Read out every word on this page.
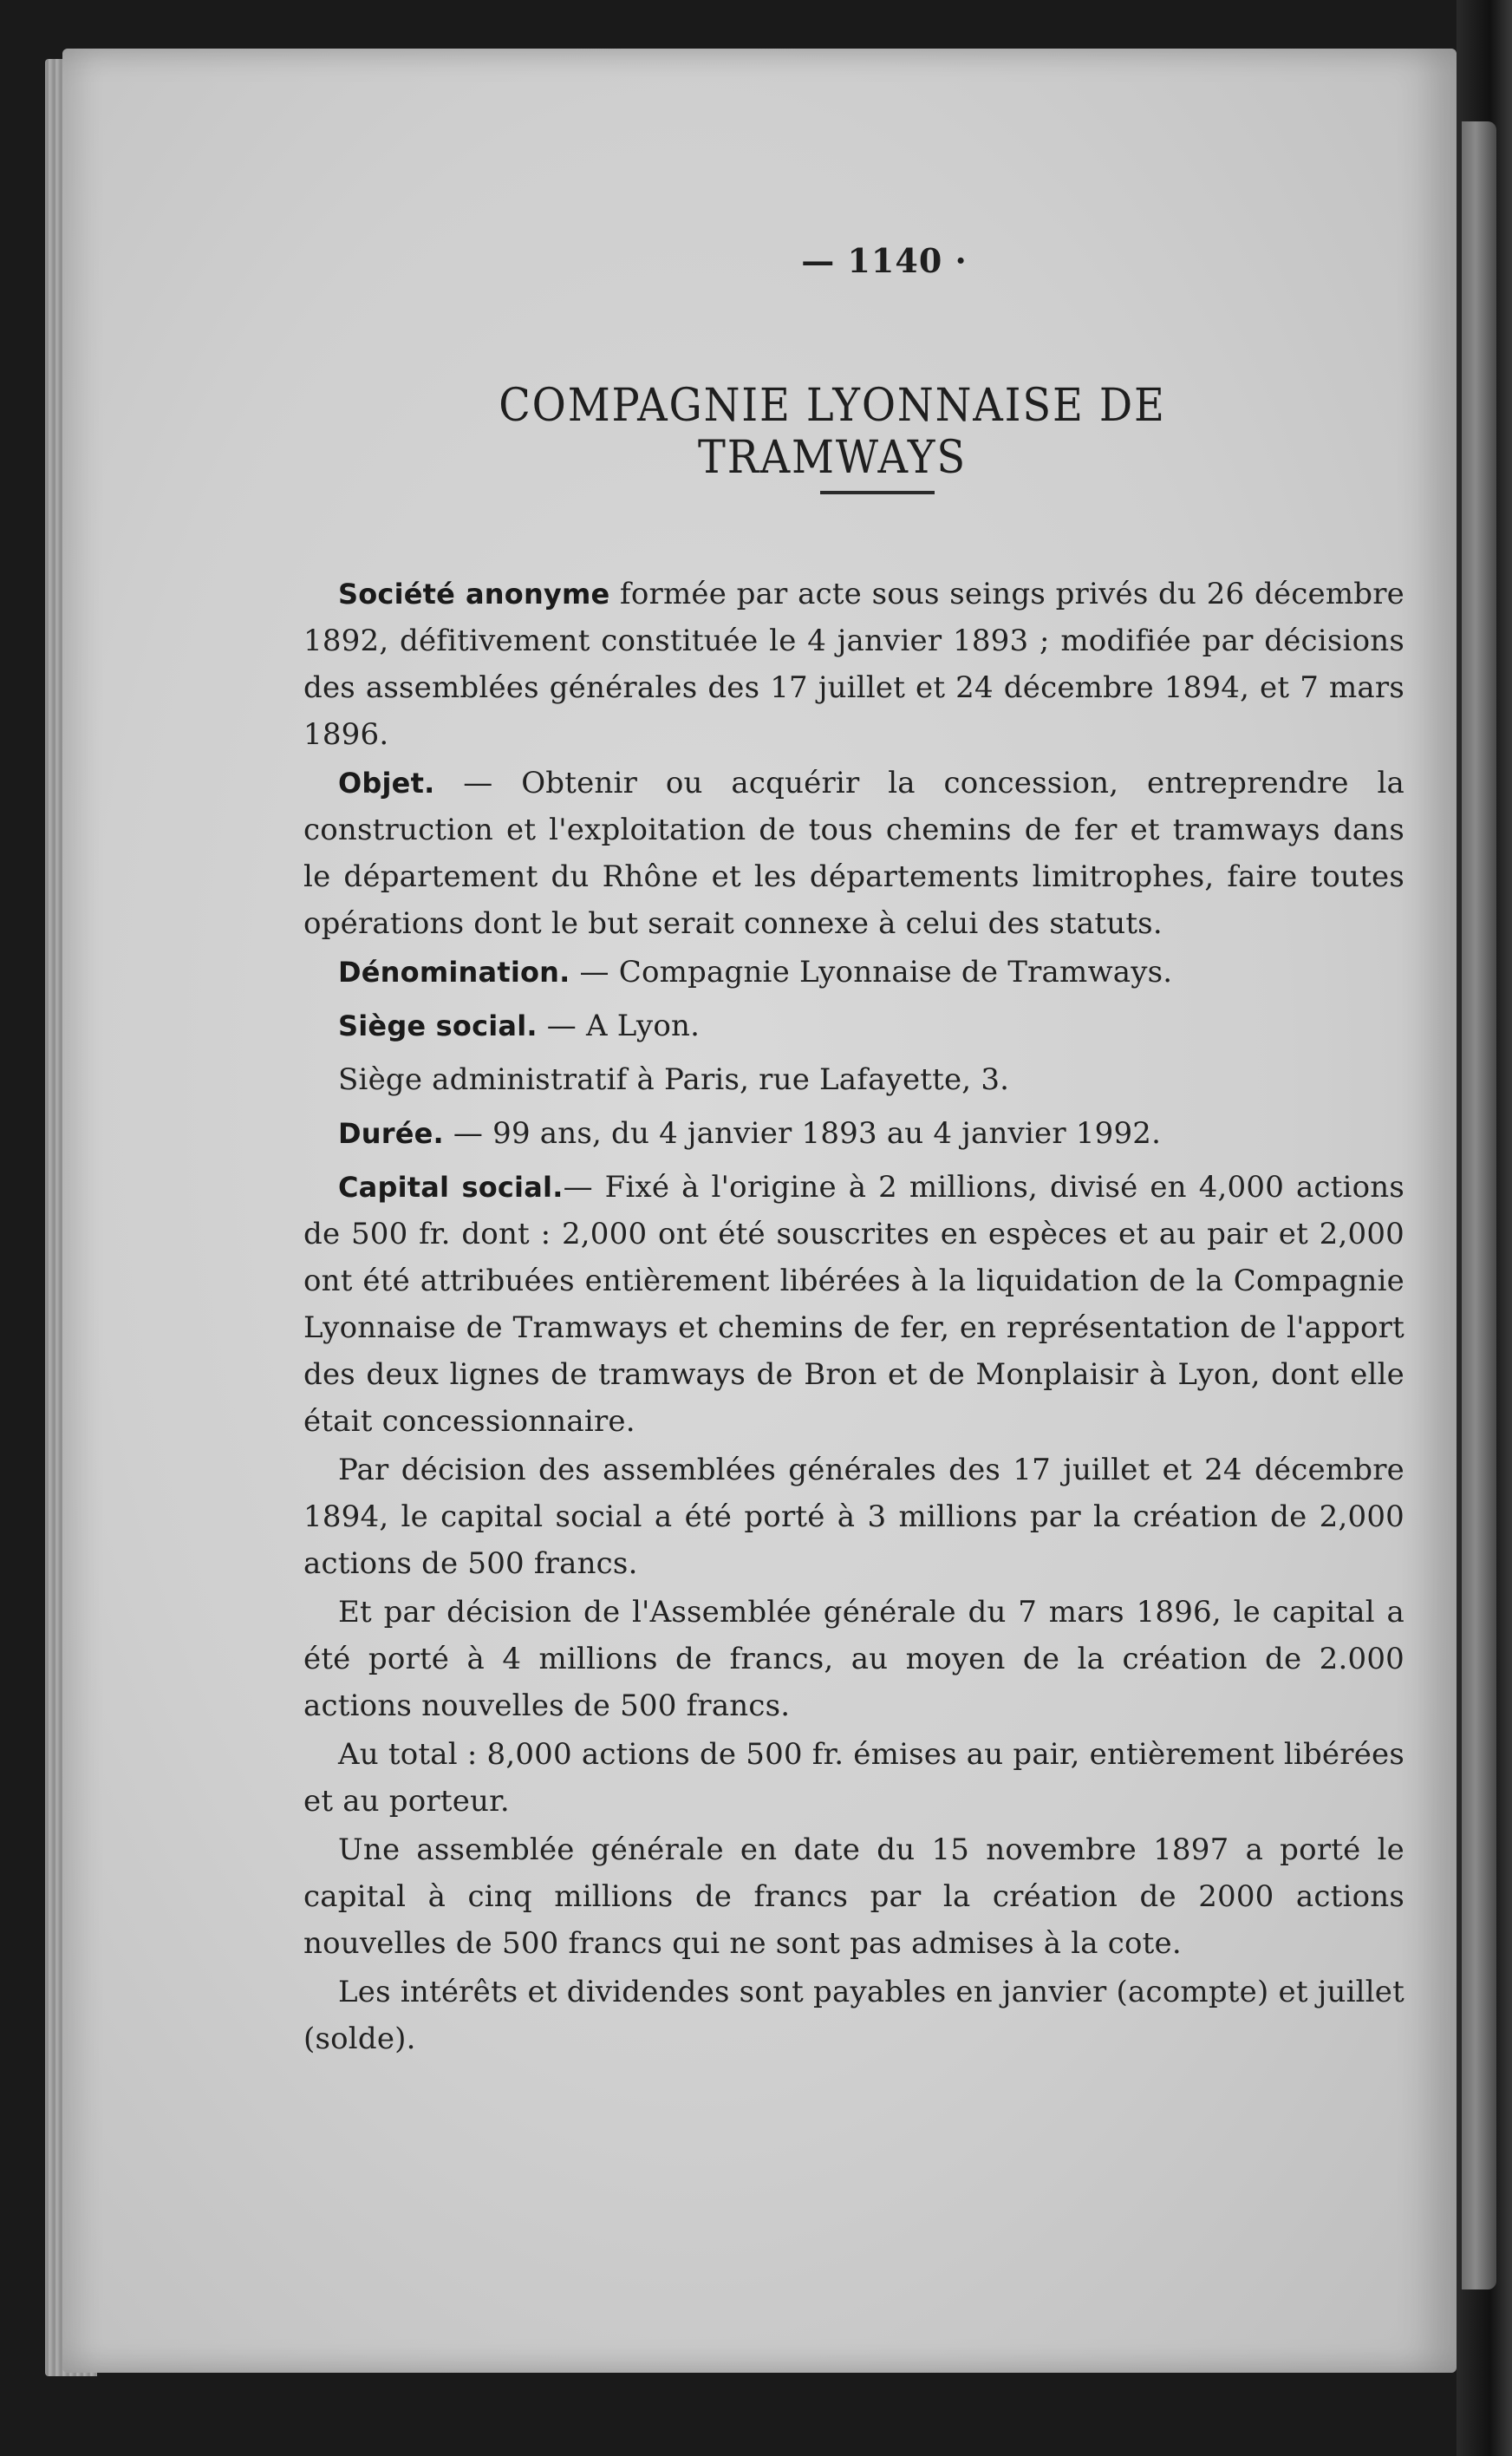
— 1140 ·
COMPAGNIE LYONNAISE DE TRAMWAYS

Société anonyme formée par acte sous seings privés du 26 décembre 1892, défitivement constituée le 4 janvier 1893 ; modifiée par décisions des assemblées générales des 17 juillet et 24 décembre 1894, et 7 mars 1896.

Objet. — Obtenir ou acquérir la concession, entreprendre la construction et l'exploitation de tous chemins de fer et tramways dans le département du Rhône et les départements limitrophes, faire toutes opérations dont le but serait connexe à celui des statuts.

Dénomination. — Compagnie Lyonnaise de Tramways.

Siège social. — A Lyon.

Siège administratif à Paris, rue Lafayette, 3.

Durée. — 99 ans, du 4 janvier 1893 au 4 janvier 1992.

Capital social.— Fixé à l'origine à 2 millions, divisé en 4,000 actions de 500 fr. dont : 2,000 ont été souscrites en espèces et au pair et 2,000 ont été attribuées entièrement libérées à la liquidation de la Compagnie Lyonnaise de Tramways et chemins de fer, en représentation de l'apport des deux lignes de tramways de Bron et de Monplaisir à Lyon, dont elle était concessionnaire.

Par décision des assemblées générales des 17 juillet et 24 décembre 1894, le capital social a été porté à 3 millions par la création de 2,000 actions de 500 francs.

Et par décision de l'Assemblée générale du 7 mars 1896, le capital a été porté à 4 millions de francs, au moyen de la création de 2.000 actions nouvelles de 500 francs.

Au total : 8,000 actions de 500 fr. émises au pair, entièrement libérées et au porteur.

Une assemblée générale en date du 15 novembre 1897 a porté le capital à cinq millions de francs par la création de 2000 actions nouvelles de 500 francs qui ne sont pas admises à la cote.

Les intérêts et dividendes sont payables en janvier (acompte) et juillet (solde).
